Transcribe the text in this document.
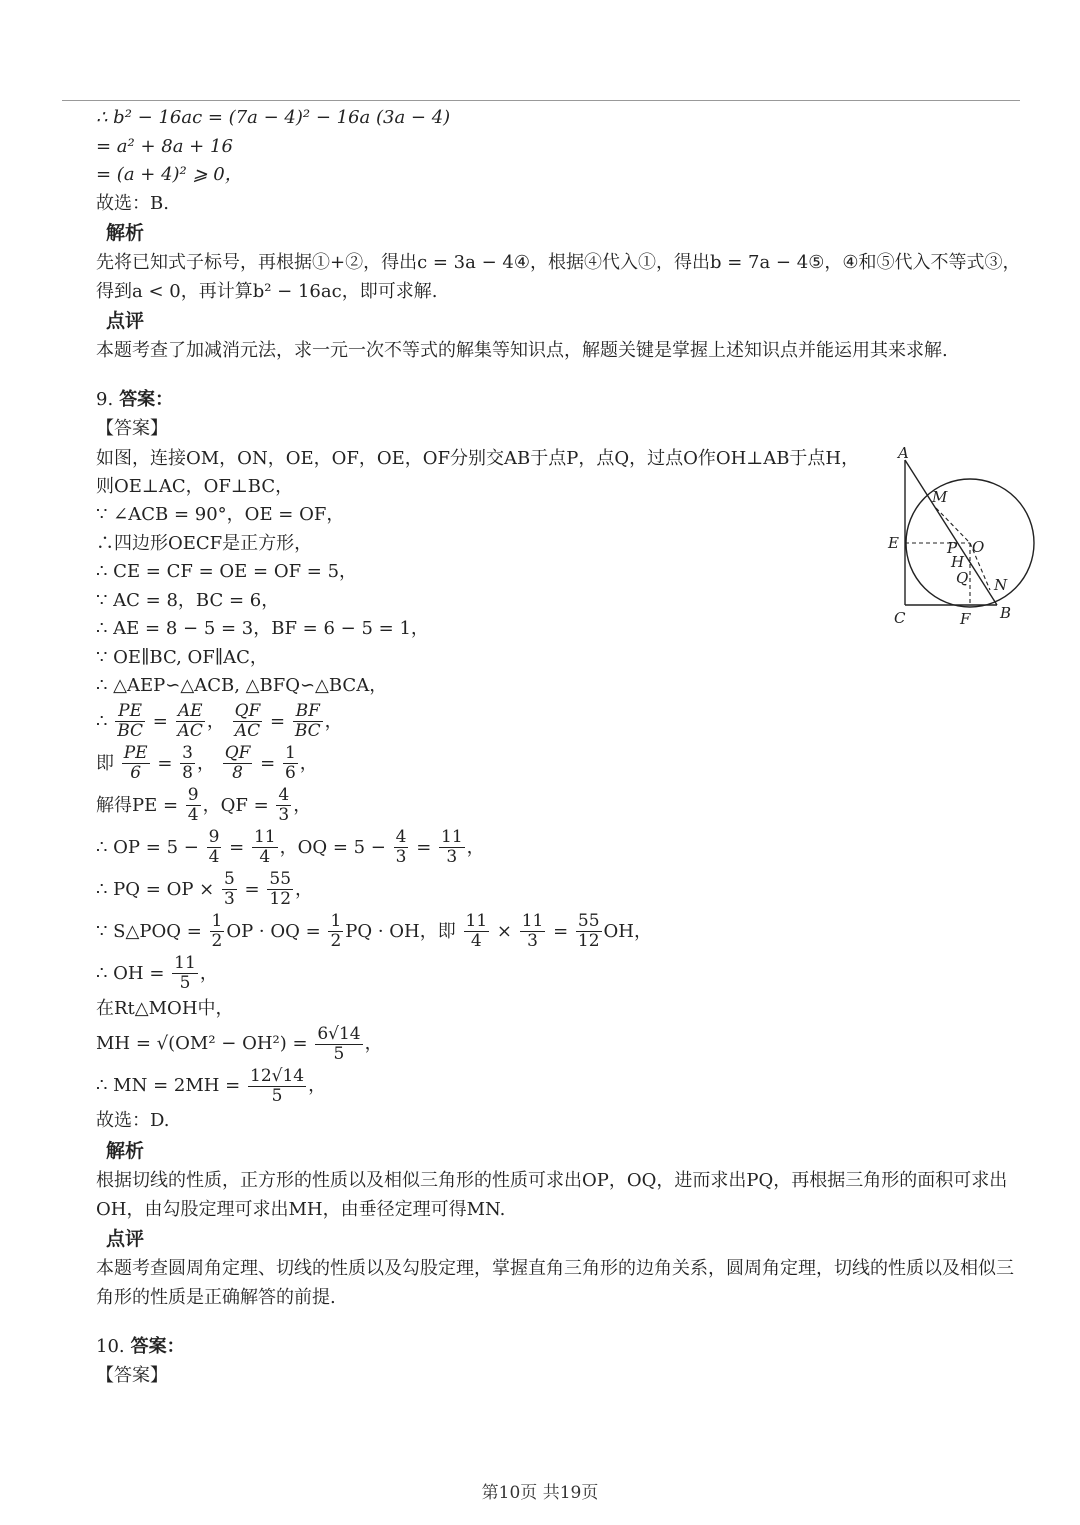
∴ b² − 16ac = (7a − 4)² − 16a (3a − 4)
= a² + 8a + 16
= (a + 4)² ⩾ 0，
故选：B.
解析
先将已知式子标号，再根据①+②，得出c = 3a − 4④，根据④代入①，得出b = 7a − 4⑤，④和⑤代入不等式③，得到a < 0，再计算b² − 16ac，即可求解.
点评
本题考查了加减消元法，求一元一次不等式的解集等知识点，解题关键是掌握上述知识点并能运用其来求解.
9. 答案：
【答案】
如图，连接OM，ON，OE，OF，OE，OF分别交AB于点P，点Q，过点O作OH⊥AB于点H，
则OE⊥AC，OF⊥BC，
∵ ∠ACB = 90°，OE = OF，
∴四边形OECF是正方形，
∴ CE = CF = OE = OF = 5，
∵ AC = 8，BC = 6，
∴ AE = 8 − 5 = 3，BF = 6 − 5 = 1，
∵ OE∥BC, OF∥AC，
∴ △AEP∽△ACB, △BFQ∽△BCA，
∴ $\frac{PE}{BC} = \frac{AE}{AC}$ ， $\frac{QF}{AC} = \frac{BF}{BC}$ ，
即 $\frac{PE}{6} = \frac{3}{8}$ ， $\frac{QF}{8} = \frac{1}{6}$ ，
解得PE = $\frac{9}{4}$ ，QF = $\frac{4}{3}$ ，
∴ OP = $5 - \frac{9}{4} = \frac{11}{4}$ ，OQ = $5 - \frac{4}{3} = \frac{11}{3}$ ，
∴ PQ = OP × $\frac{5}{3} = \frac{55}{12}$ ，
∵ S△POQ = $\frac{1}{2}$ OP · OQ = $\frac{1}{2}$ PQ · OH，即 $\frac{11}{4} \times \frac{11}{3} = \frac{55}{12}$ OH，
∴ OH = $\frac{11}{5}$ ，
在Rt△MOH中，
MH = $√(OM^2 - OH^2) = \frac{6√14}{5}$ ，
∴ MN = $2MH = \frac{12√14}{5}$ ，
故选：D.
解析
根据切线的性质，正方形的性质以及相似三角形的性质可求出OP，OQ，进而求出PQ，再根据三角形的面积可求出OH，由勾股定理可求出MH，由垂径定理可得MN.
点评
本题考查圆周角定理、切线的性质以及勾股定理，掌握直角三角形的边角关系，圆周角定理，切线的性质以及相似三角形的性质是正确解答的前提.
10. 答案：
【答案】
A
M
E	P O
H
Q N
C	F B
第10页 共19页
